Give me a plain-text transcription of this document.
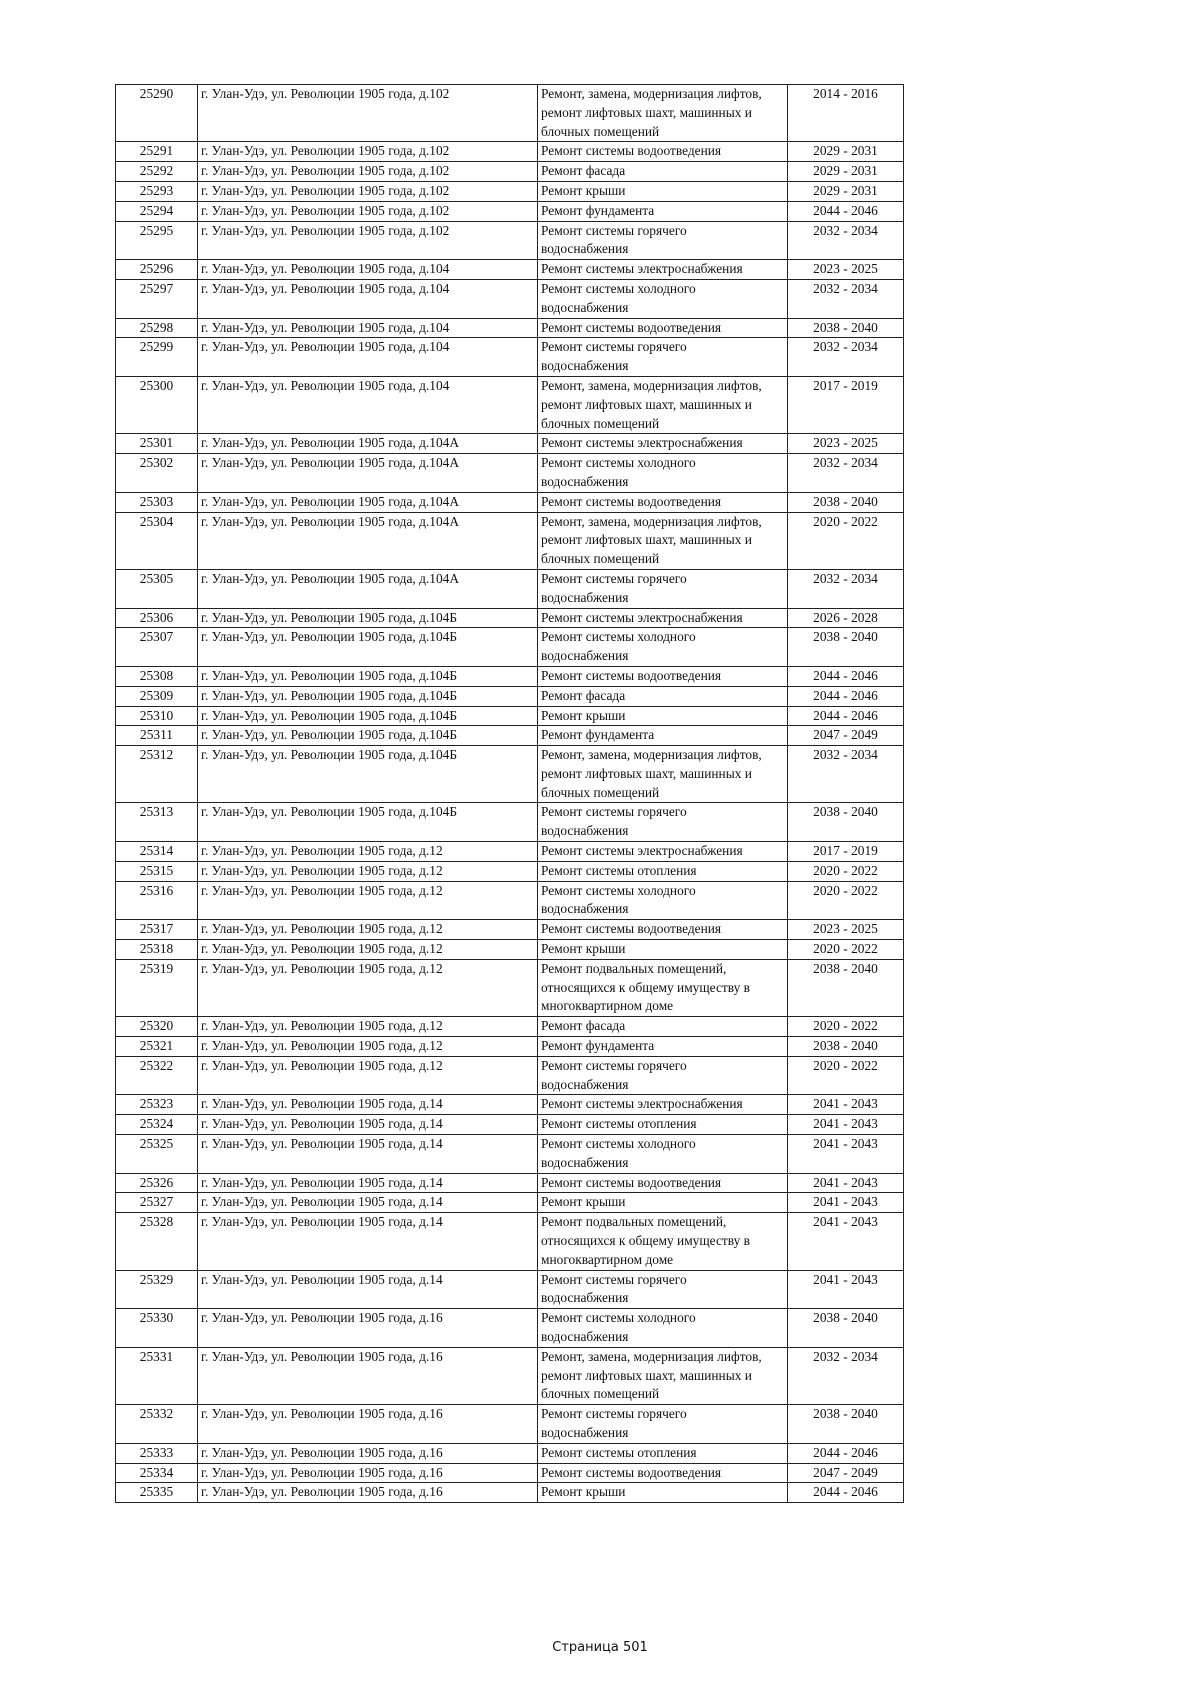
25290	г. Улан-Удэ, ул. Революции 1905 года, д.102	Ремонт, замена, модернизация лифтов,
ремонт лифтовых шахт, машинных и
блочных помещений	2014 - 2016
25291	г. Улан-Удэ, ул. Революции 1905 года, д.102	Ремонт системы водоотведения	2029 - 2031
25292	г. Улан-Удэ, ул. Революции 1905 года, д.102	Ремонт фасада	2029 - 2031
25293	г. Улан-Удэ, ул. Революции 1905 года, д.102	Ремонт крыши	2029 - 2031
25294	г. Улан-Удэ, ул. Революции 1905 года, д.102	Ремонт фундамента	2044 - 2046
25295	г. Улан-Удэ, ул. Революции 1905 года, д.102	Ремонт системы горячего
водоснабжения	2032 - 2034
25296	г. Улан-Удэ, ул. Революции 1905 года, д.104	Ремонт системы электроснабжения	2023 - 2025
25297	г. Улан-Удэ, ул. Революции 1905 года, д.104	Ремонт системы холодного
водоснабжения	2032 - 2034
25298	г. Улан-Удэ, ул. Революции 1905 года, д.104	Ремонт системы водоотведения	2038 - 2040
25299	г. Улан-Удэ, ул. Революции 1905 года, д.104	Ремонт системы горячего
водоснабжения	2032 - 2034
25300	г. Улан-Удэ, ул. Революции 1905 года, д.104	Ремонт, замена, модернизация лифтов,
ремонт лифтовых шахт, машинных и
блочных помещений	2017 - 2019
25301	г. Улан-Удэ, ул. Революции 1905 года, д.104А	Ремонт системы электроснабжения	2023 - 2025
25302	г. Улан-Удэ, ул. Революции 1905 года, д.104А	Ремонт системы холодного
водоснабжения	2032 - 2034
25303	г. Улан-Удэ, ул. Революции 1905 года, д.104А	Ремонт системы водоотведения	2038 - 2040
25304	г. Улан-Удэ, ул. Революции 1905 года, д.104А	Ремонт, замена, модернизация лифтов,
ремонт лифтовых шахт, машинных и
блочных помещений	2020 - 2022
25305	г. Улан-Удэ, ул. Революции 1905 года, д.104А	Ремонт системы горячего
водоснабжения	2032 - 2034
25306	г. Улан-Удэ, ул. Революции 1905 года, д.104Б	Ремонт системы электроснабжения	2026 - 2028
25307	г. Улан-Удэ, ул. Революции 1905 года, д.104Б	Ремонт системы холодного
водоснабжения	2038 - 2040
25308	г. Улан-Удэ, ул. Революции 1905 года, д.104Б	Ремонт системы водоотведения	2044 - 2046
25309	г. Улан-Удэ, ул. Революции 1905 года, д.104Б	Ремонт фасада	2044 - 2046
25310	г. Улан-Удэ, ул. Революции 1905 года, д.104Б	Ремонт крыши	2044 - 2046
25311	г. Улан-Удэ, ул. Революции 1905 года, д.104Б	Ремонт фундамента	2047 - 2049
25312	г. Улан-Удэ, ул. Революции 1905 года, д.104Б	Ремонт, замена, модернизация лифтов,
ремонт лифтовых шахт, машинных и
блочных помещений	2032 - 2034
25313	г. Улан-Удэ, ул. Революции 1905 года, д.104Б	Ремонт системы горячего
водоснабжения	2038 - 2040
25314	г. Улан-Удэ, ул. Революции 1905 года, д.12	Ремонт системы электроснабжения	2017 - 2019
25315	г. Улан-Удэ, ул. Революции 1905 года, д.12	Ремонт системы отопления	2020 - 2022
25316	г. Улан-Удэ, ул. Революции 1905 года, д.12	Ремонт системы холодного
водоснабжения	2020 - 2022
25317	г. Улан-Удэ, ул. Революции 1905 года, д.12	Ремонт системы водоотведения	2023 - 2025
25318	г. Улан-Удэ, ул. Революции 1905 года, д.12	Ремонт крыши	2020 - 2022
25319	г. Улан-Удэ, ул. Революции 1905 года, д.12	Ремонт подвальных помещений,
относящихся к общему имуществу в
многоквартирном доме	2038 - 2040
25320	г. Улан-Удэ, ул. Революции 1905 года, д.12	Ремонт фасада	2020 - 2022
25321	г. Улан-Удэ, ул. Революции 1905 года, д.12	Ремонт фундамента	2038 - 2040
25322	г. Улан-Удэ, ул. Революции 1905 года, д.12	Ремонт системы горячего
водоснабжения	2020 - 2022
25323	г. Улан-Удэ, ул. Революции 1905 года, д.14	Ремонт системы электроснабжения	2041 - 2043
25324	г. Улан-Удэ, ул. Революции 1905 года, д.14	Ремонт системы отопления	2041 - 2043
25325	г. Улан-Удэ, ул. Революции 1905 года, д.14	Ремонт системы холодного
водоснабжения	2041 - 2043
25326	г. Улан-Удэ, ул. Революции 1905 года, д.14	Ремонт системы водоотведения	2041 - 2043
25327	г. Улан-Удэ, ул. Революции 1905 года, д.14	Ремонт крыши	2041 - 2043
25328	г. Улан-Удэ, ул. Революции 1905 года, д.14	Ремонт подвальных помещений,
относящихся к общему имуществу в
многоквартирном доме	2041 - 2043
25329	г. Улан-Удэ, ул. Революции 1905 года, д.14	Ремонт системы горячего
водоснабжения	2041 - 2043
25330	г. Улан-Удэ, ул. Революции 1905 года, д.16	Ремонт системы холодного
водоснабжения	2038 - 2040
25331	г. Улан-Удэ, ул. Революции 1905 года, д.16	Ремонт, замена, модернизация лифтов,
ремонт лифтовых шахт, машинных и
блочных помещений	2032 - 2034
25332	г. Улан-Удэ, ул. Революции 1905 года, д.16	Ремонт системы горячего
водоснабжения	2038 - 2040
25333	г. Улан-Удэ, ул. Революции 1905 года, д.16	Ремонт системы отопления	2044 - 2046
25334	г. Улан-Удэ, ул. Революции 1905 года, д.16	Ремонт системы водоотведения	2047 - 2049
25335	г. Улан-Удэ, ул. Революции 1905 года, д.16	Ремонт крыши	2044 - 2046
Страница 501
